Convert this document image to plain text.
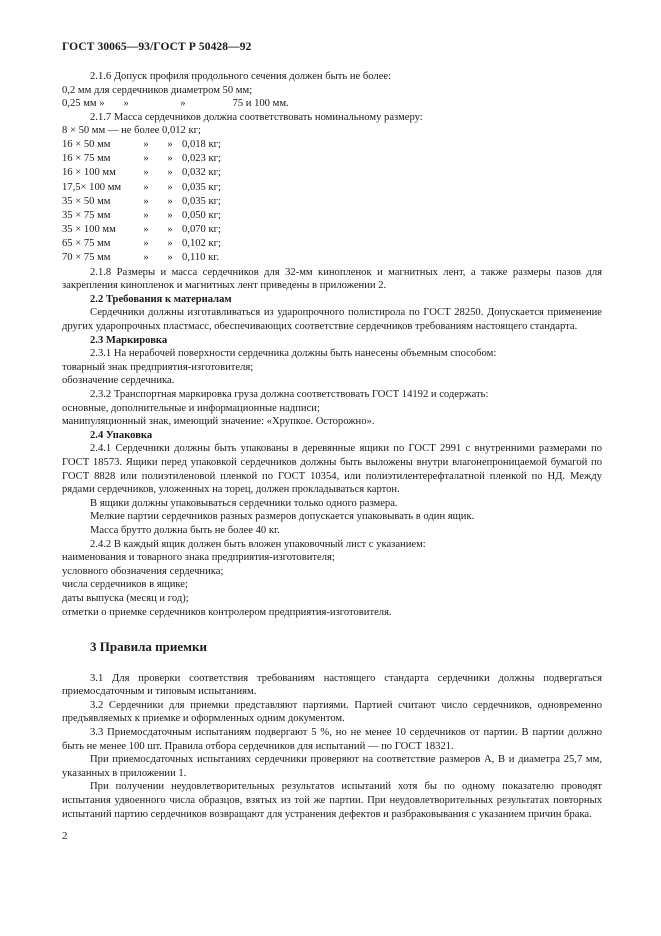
ГОСТ 30065—93/ГОСТ Р 50428—92

2.1.6 Допуск профиля продольного сечения должен быть не более:

0,2 мм для сердечников диаметром 50 мм;
0,25 мм » »	»	75 и 100 мм.

2.1.7 Масса сердечников должна соответствовать номинальному размеру:

8 × 50 мм — не более 0,012 кг;
16 × 50 мм	»	»	0,018 кг;
16 × 75 мм	»	»	0,023 кг;
16 × 100 мм	»	»	0,032 кг;
17,5× 100 мм	»	»	0,035 кг;
35 × 50 мм	»	»	0,035 кг;
35 × 75 мм	»	»	0,050 кг;
35 × 100 мм	»	»	0,070 кг;
65 × 75 мм	»	»	0,102 кг;
70 × 75 мм	»	»	0,110 кг.

2.1.8 Размеры и масса сердечников для 32-мм кинопленок и магнитных лент, а также размеры пазов для закрепления кинопленок и магнитных лент приведены в приложении 2.

2.2 Требования к материалам

Сердечники должны изготавливаться из ударопрочного полистирола по ГОСТ 28250. Допускается применение других ударопрочных пластмасс, обеспечивающих соответствие сердечников требованиям настоящего стандарта.

2.3 Маркировка

2.3.1 На нерабочей поверхности сердечника должны быть нанесены объемным способом:

товарный знак предприятия-изготовителя;
обозначение сердечника.

2.3.2 Транспортная маркировка груза должна соответствовать ГОСТ 14192 и содержать:

основные, дополнительные и информационные надписи;
манипуляционный знак, имеющий значение: «Хрупкое. Осторожно».
2.4 Упаковка

2.4.1 Сердечники должны быть упакованы в деревянные ящики по ГОСТ 2991 с внутренними размерами по ГОСТ 18573. Ящики перед упаковкой сердечников должны быть выложены внутри влагонепроницаемой бумагой по ГОСТ 8828 или полиэтиленовой пленкой по ГОСТ 10354, или полиэтилентерефталатной пленкой по НД. Между рядами сердечников, уложенных на торец, должен прокладываться картон.

В ящики должны упаковываться сердечники только одного размера.

Мелкие партии сердечников разных размеров допускается упаковывать в один ящик.

Масса брутто должна быть не более 40 кг.

2.4.2 В каждый ящик должен быть вложен упаковочный лист с указанием:

наименования и товарного знака предприятия-изготовителя;
условного обозначения сердечника;
числа сердечников в ящике;
даты выпуска (месяц и год);
отметки о приемке сердечников контролером предприятия-изготовителя.
3 Правила приемки

3.1 Для проверки соответствия требованиям настоящего стандарта сердечники должны подвергаться приемосдаточным и типовым испытаниям.

3.2 Сердечники для приемки представляют партиями. Партией считают число сердечников, одновременно предъявляемых к приемке и оформленных одним документом.

3.3 Приемосдаточным испытаниям подвергают 5 %, но не менее 10 сердечников от партии. В партии должно быть не менее 100 шт. Правила отбора сердечников для испытаний — по ГОСТ 18321.

При приемосдаточных испытаниях сердечники проверяют на соответствие размеров А, В и диаметра 25,7 мм, указанных в приложении 1.

При получении неудовлетворительных результатов испытаний хотя бы по одному показателю проводят испытания удвоенного числа образцов, взятых из той же партии. При неудовлетворительных результатах повторных испытаний партию сердечников возвращают для устранения дефектов и разбраковывания с указанием причин брака.

2
